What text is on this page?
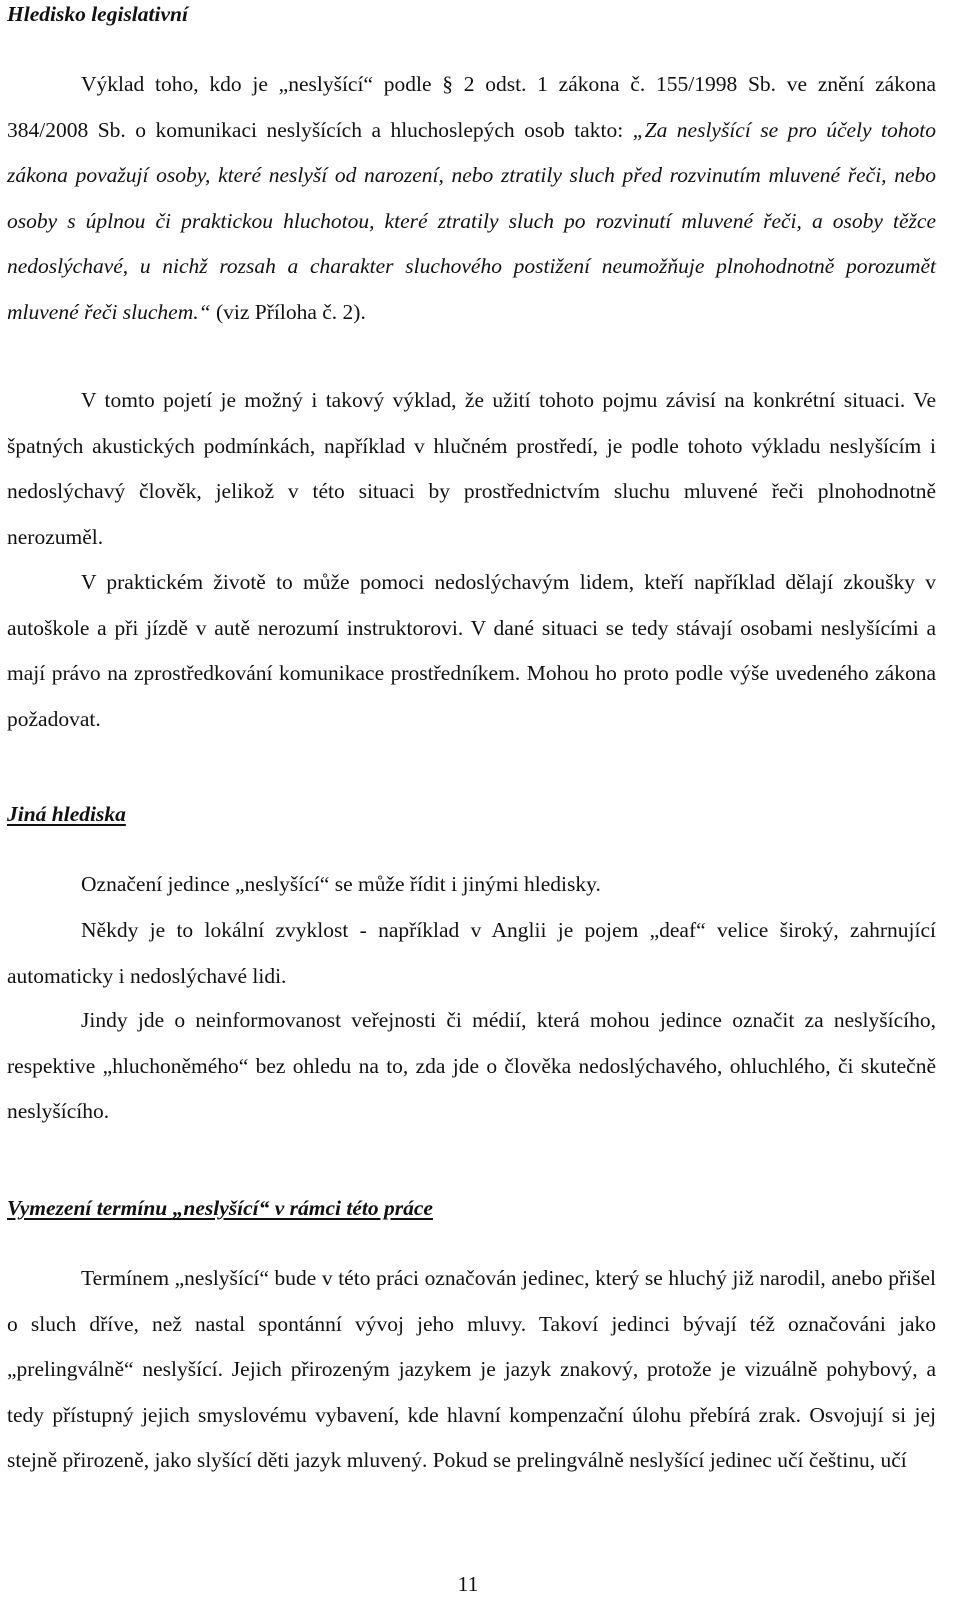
Hledisko legislativní

Výklad toho, kdo je „neslyšící“ podle § 2 odst. 1 zákona č. 155/1998 Sb. ve znění zákona 384/2008 Sb. o komunikaci neslyšících a hluchoslepých osob takto: „Za neslyšící se pro účely tohoto zákona považují osoby, které neslyší od narození, nebo ztratily sluch před rozvinutím mluvené řeči, nebo osoby s úplnou či praktickou hluchotou, které ztratily sluch po rozvinutí mluvené řeči, a osoby těžce nedoslýchavé, u nichž rozsah a charakter sluchového postižení neumožňuje plnohodnotně porozumět mluvené řeči sluchem.“ (viz Příloha č. 2).

V tomto pojetí je možný i takový výklad, že užití tohoto pojmu závisí na konkrétní situaci. Ve špatných akustických podmínkách, například v hlučném prostředí, je podle tohoto výkladu neslyšícím i nedoslýchavý člověk, jelikož v této situaci by prostřednictvím sluchu mluvené řeči plnohodnotně nerozuměl.

V praktickém životě to může pomoci nedoslýchavým lidem, kteří například dělají zkoušky v autoškole a při jízdě v autě nerozumí instruktorovi. V dané situaci se tedy stávají osobami neslyšícími a mají právo na zprostředkování komunikace prostředníkem. Mohou ho proto podle výše uvedeného zákona požadovat.

Jiná hlediska

Označení jedince „neslyšící“ se může řídit i jinými hledisky.

Někdy je to lokální zvyklost - například v Anglii je pojem „deaf“ velice široký, zahrnující automaticky i nedoslýchavé lidi.

Jindy jde o neinformovanost veřejnosti či médií, která mohou jedince označit za neslyšícího, respektive „hluchoněmého“ bez ohledu na to, zda jde o člověka nedoslýchavého, ohluchlého, či skutečně neslyšícího.

Vymezení termínu „neslyšící“ v rámci této práce

Termínem „neslyšící“ bude v této práci označován jedinec, který se hluchý již narodil, anebo přišel o sluch dříve, než nastal spontánní vývoj jeho mluvy. Takoví jedinci bývají též označováni jako „prelingválně“ neslyšící. Jejich přirozeným jazykem je jazyk znakový, protože je vizuálně pohybový, a tedy přístupný jejich smyslovému vybavení, kde hlavní kompenzační úlohu přebírá zrak. Osvojují si jej stejně přirozeně, jako slyšící děti jazyk mluvený. Pokud se prelingválně neslyšící jedinec učí češtinu, učí

11
